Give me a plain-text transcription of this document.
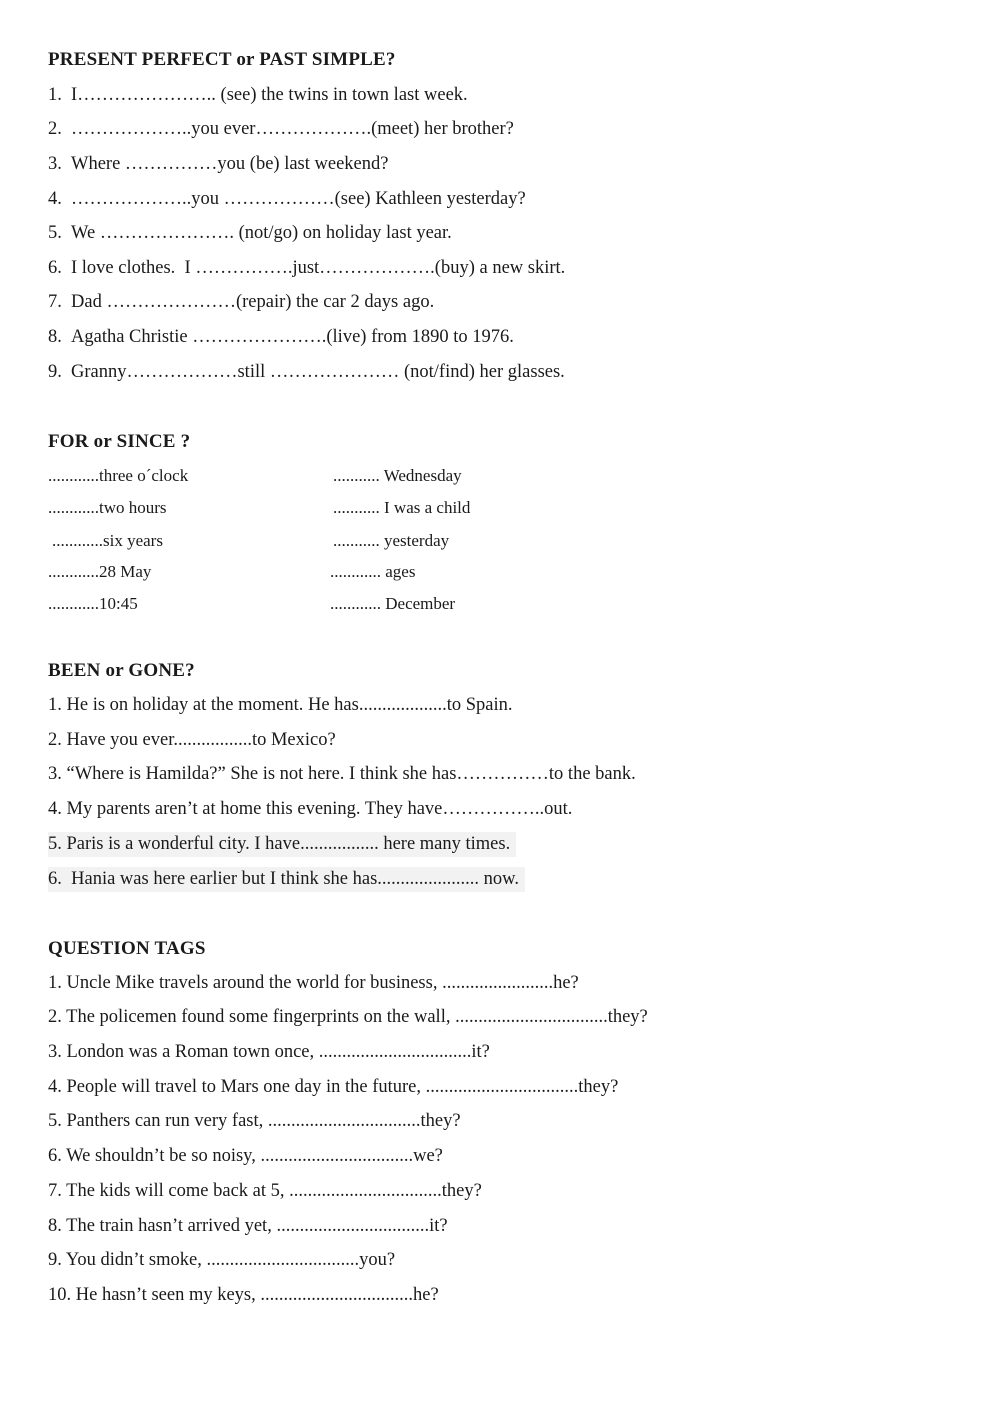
PRESENT PERFECT or PAST SIMPLE?
1. I………………….. (see) the twins in town last week.
2. ………………..you ever……………….(meet) her brother?
3. Where ……………you (be) last weekend?
4. ………………..you ………………(see) Kathleen yesterday?
5. We …………………. (not/go) on holiday last year.
6. I love clothes.  I …………….just……………….(buy) a new skirt.
7. Dad …………………(repair) the car 2 days ago.
8. Agatha Christie ………………….(live) from 1890 to 1976.
9. Granny………………still ………………… (not/find) her glasses.
FOR or SINCE ?
............three o´clock
............two hours
............six years
............28 May
............10:45
........... Wednesday
........... I was a child
........... yesterday
............ ages
............ December
BEEN or GONE?
1. He is on holiday at the moment. He has...................to Spain.
2. Have you ever.................to Mexico?
3. “Where is Hamilda?” She is not here. I think she has……………to the bank.
4. My parents aren’t at home this evening. They have……………..out.
5. Paris is a wonderful city. I have................. here many times.
6.  Hania was here earlier but I think she has...................... now.
QUESTION TAGS
1. Uncle Mike travels around the world for business, ........................he?
2. The policemen found some fingerprints on the wall, .................................they?
3. London was a Roman town once, .................................it?
4. People will travel to Mars one day in the future, .................................they?
5. Panthers can run very fast, .................................they?
6. We shouldn’t be so noisy, .................................we?
7. The kids will come back at 5, .................................they?
8. The train hasn’t arrived yet, .................................it?
9. You didn’t smoke, .................................you?
10. He hasn’t seen my keys, .................................he?
